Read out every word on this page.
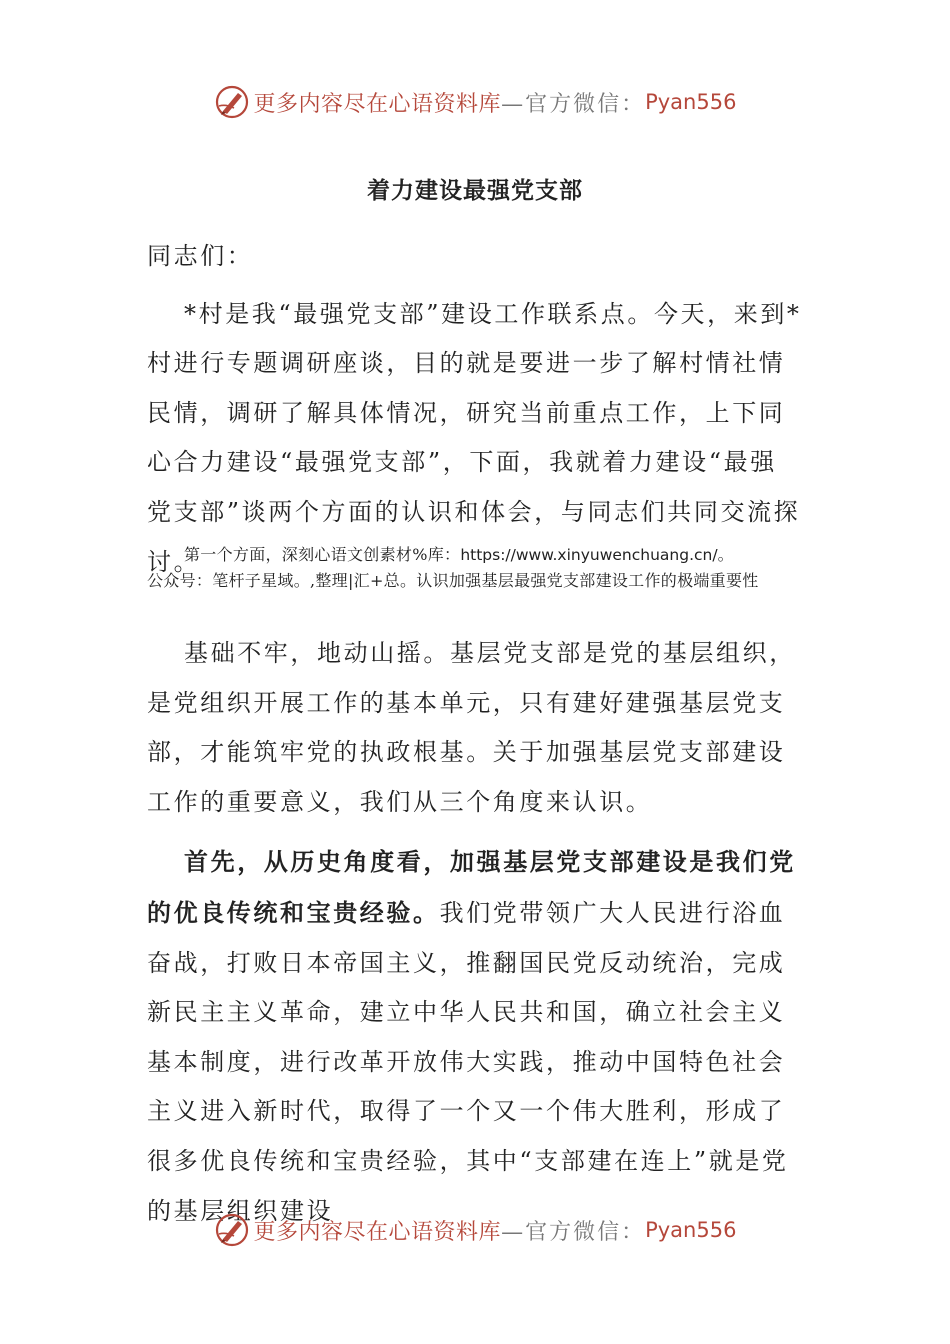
更多内容尽在心语资料库 —官方微信： Pyan556
着力建设最强党支部

同志们：

*村是我“最强党支部”建设工作联系点。今天，来到*村进行专题调研座谈，目的就是要进一步了解村情社情民情，调研了解具体情况，研究当前重点工作，上下同心合力建设“最强党支部”，下面，我就着力建设“最强党支部”谈两个方面的认识和体会，与同志们共同交流探讨。

第一个方面，深刻心语文创素材%库：https://www.xinyuwenchuang.cn/。
公众号：笔杆子星域。,整理|汇+总。认识加强基层最强党支部建设工作的极端重要性

基础不牢，地动山摇。基层党支部是党的基层组织，是党组织开展工作的基本单元，只有建好建强基层党支部，才能筑牢党的执政根基。关于加强基层党支部建设工作的重要意义，我们从三个角度来认识。

首先，从历史角度看，加强基层党支部建设是我们党的优良传统和宝贵经验。我们党带领广大人民进行浴血奋战，打败日本帝国主义，推翻国民党反动统治，完成新民主主义革命，建立中华人民共和国，确立社会主义基本制度，进行改革开放伟大实践，推动中国特色社会主义进入新时代，取得了一个又一个伟大胜利，形成了很多优良传统和宝贵经验，其中“支部建在连上”就是党的基层组织建设

更多内容尽在心语资料库 —官方微信： Pyan556
